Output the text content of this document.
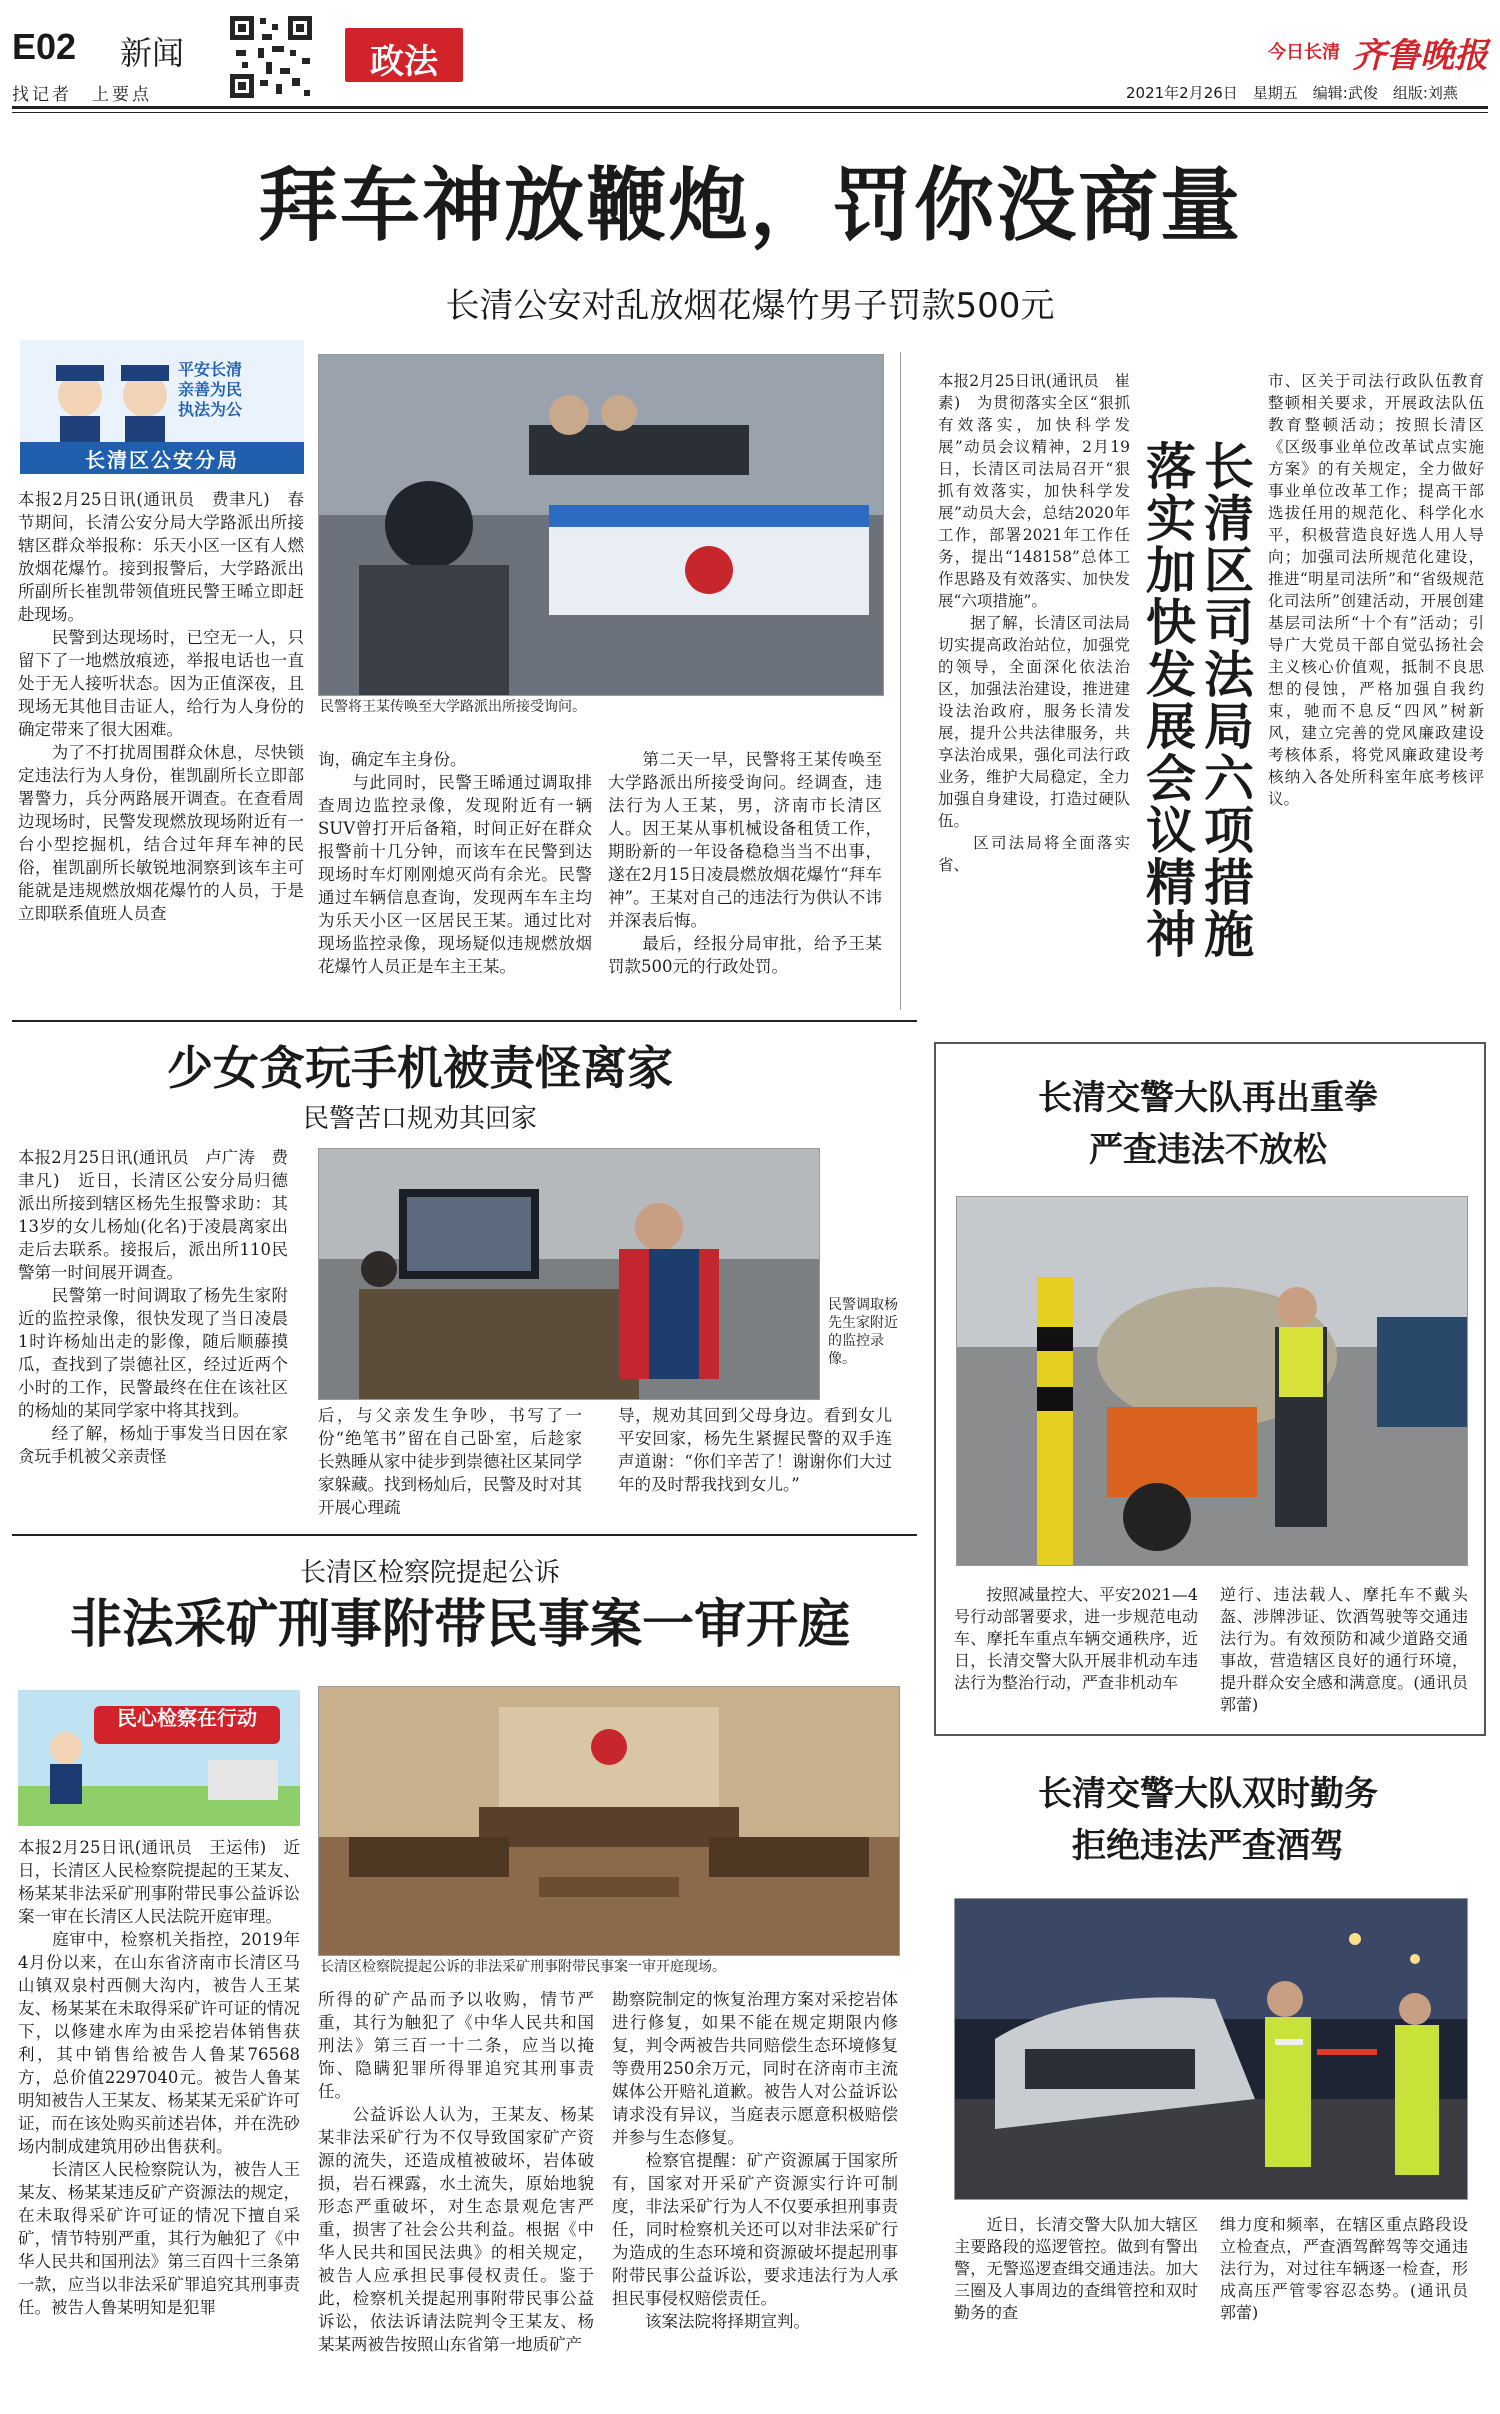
E02 新闻
找记者　上要点
政法	今日长清 齐鲁晚报
2021年2月26日　星期五　编辑:武俊　组版:刘燕
拜车神放鞭炮，罚你没商量
长清公安对乱放烟花爆竹男子罚款500元
平安长清
亲善为民
执法为公
长清区公安分局

本报2月25日讯(通讯员　费聿凡)　春节期间，长清公安分局大学路派出所接辖区群众举报称：乐天小区一区有人燃放烟花爆竹。接到报警后，大学路派出所副所长崔凯带领值班民警王晞立即赶赴现场。
　　民警到达现场时，已空无一人，只留下了一地燃放痕迹，举报电话也一直处于无人接听状态。因为正值深夜，且现场无其他目击证人，给行为人身份的确定带来了很大困难。
　　为了不打扰周围群众休息，尽快锁定违法行为人身份，崔凯副所长立即部署警力，兵分两路展开调查。在查看周边现场时，民警发现燃放现场附近有一台小型挖掘机，结合过年拜车神的民俗，崔凯副所长敏锐地洞察到该车主可能就是违规燃放烟花爆竹的人员，于是立即联系值班人员查

民警将王某传唤至大学路派出所接受询问。

询，确定车主身份。
　　与此同时，民警王晞通过调取排查周边监控录像，发现附近有一辆SUV曾打开后备箱，时间正好在群众报警前十几分钟，而该车在民警到达现场时车灯刚刚熄灭尚有余光。民警通过车辆信息查询，发现两车车主均为乐天小区一区居民王某。通过比对现场监控录像，现场疑似违规燃放烟花爆竹人员正是车主王某。

　　第二天一早，民警将王某传唤至大学路派出所接受询问。经调查，违法行为人王某，男，济南市长清区人。因王某从事机械设备租赁工作，期盼新的一年设备稳稳当当不出事，遂在2月15日凌晨燃放烟花爆竹“拜车神”。王某对自己的违法行为供认不讳并深表后悔。
　　最后，经报分局审批，给予王某罚款500元的行政处罚。

长清区司法局六项措施
落实加快发展会议精神

本报2月25日讯(通讯员　崔素)　为贯彻落实全区“狠抓有效落实，加快科学发展”动员会议精神，2月19日，长清区司法局召开“狠抓有效落实，加快科学发展”动员大会，总结2020年工作，部署2021年工作任务，提出“148158”总体工作思路及有效落实、加快发展“六项措施”。
　　据了解，长清区司法局切实提高政治站位，加强党的领导，全面深化依法治区，加强法治建设，推进建设法治政府，服务长清发展，提升公共法律服务，共享法治成果，强化司法行政业务，维护大局稳定，全力加强自身建设，打造过硬队伍。
　　区司法局将全面落实省、

市、区关于司法行政队伍教育整顿相关要求，开展政法队伍教育整顿活动；按照长清区《区级事业单位改革试点实施方案》的有关规定，全力做好事业单位改革工作；提高干部选拔任用的规范化、科学化水平，积极营造良好选人用人导向；加强司法所规范化建设，推进“明星司法所”和“省级规范化司法所”创建活动，开展创建基层司法所“十个有”活动；引导广大党员干部自觉弘扬社会主义核心价值观，抵制不良思想的侵蚀，严格加强自我约束，驰而不息反“四风”树新风，建立完善的党风廉政建设考核体系，将党风廉政建设考核纳入各处所科室年底考核评议。

少女贪玩手机被责怪离家
民警苦口规劝其回家

本报2月25日讯(通讯员　卢广涛　费聿凡)　近日，长清区公安分局归德派出所接到辖区杨先生报警求助：其13岁的女儿杨灿(化名)于凌晨离家出走后去联系。接报后，派出所110民警第一时间展开调查。
　　民警第一时间调取了杨先生家附近的监控录像，很快发现了当日凌晨1时许杨灿出走的影像，随后顺藤摸瓜，查找到了崇德社区，经过近两个小时的工作，民警最终在住在该社区的杨灿的某同学家中将其找到。
　　经了解，杨灿于事发当日因在家贪玩手机被父亲责怪

民警调取杨先生家附近的监控录像。

后，与父亲发生争吵，书写了一份“绝笔书”留在自己卧室，后趁家长熟睡从家中徒步到崇德社区某同学家躲藏。找到杨灿后，民警及时对其开展心理疏

导，规劝其回到父母身边。看到女儿平安回家，杨先生紧握民警的双手连声道谢：“你们辛苦了！谢谢你们大过年的及时帮我找到女儿。”

长清区检察院提起公诉
非法采矿刑事附带民事案一审开庭
民心检察在行动

本报2月25日讯(通讯员　王运伟)　近日，长清区人民检察院提起的王某友、杨某某非法采矿刑事附带民事公益诉讼案一审在长清区人民法院开庭审理。
　　庭审中，检察机关指控，2019年4月份以来，在山东省济南市长清区马山镇双泉村西侧大沟内，被告人王某友、杨某某在未取得采矿许可证的情况下，以修建水库为由采挖岩体销售获利，其中销售给被告人鲁某76568方，总价值2297040元。被告人鲁某明知被告人王某友、杨某某无采矿许可证，而在该处购买前述岩体，并在洗砂场内制成建筑用砂出售获利。
　　长清区人民检察院认为，被告人王某友、杨某某违反矿产资源法的规定，在未取得采矿许可证的情况下擅自采矿，情节特别严重，其行为触犯了《中华人民共和国刑法》第三百四十三条第一款，应当以非法采矿罪追究其刑事责任。被告人鲁某明知是犯罪

长清区检察院提起公诉的非法采矿刑事附带民事案一审开庭现场。

所得的矿产品而予以收购，情节严重，其行为触犯了《中华人民共和国刑法》第三百一十二条，应当以掩饰、隐瞒犯罪所得罪追究其刑事责任。
　　公益诉讼人认为，王某友、杨某某非法采矿行为不仅导致国家矿产资源的流失，还造成植被破坏，岩体破损，岩石裸露，水土流失，原始地貌形态严重破坏，对生态景观危害严重，损害了社会公共利益。根据《中华人民共和国民法典》的相关规定，被告人应承担民事侵权责任。鉴于此，检察机关提起刑事附带民事公益诉讼，依法诉请法院判令王某友、杨某某两被告按照山东省第一地质矿产

勘察院制定的恢复治理方案对采挖岩体进行修复，如果不能在规定期限内修复，判令两被告共同赔偿生态环境修复等费用250余万元，同时在济南市主流媒体公开赔礼道歉。被告人对公益诉讼请求没有异议，当庭表示愿意积极赔偿并参与生态修复。
　　检察官提醒：矿产资源属于国家所有，国家对开采矿产资源实行许可制度，非法采矿行为人不仅要承担刑事责任，同时检察机关还可以对非法采矿行为造成的生态环境和资源破坏提起刑事附带民事公益诉讼，要求违法行为人承担民事侵权赔偿责任。
　　该案法院将择期宣判。

长清交警大队再出重拳
严查违法不放松

　　按照减量控大、平安2021—4号行动部署要求，进一步规范电动车、摩托车重点车辆交通秩序，近日，长清交警大队开展非机动车违法行为整治行动，严查非机动车

逆行、违法载人、摩托车不戴头盔、涉牌涉证、饮酒驾驶等交通违法行为。有效预防和减少道路交通事故，营造辖区良好的通行环境，提升群众安全感和满意度。(通讯员　郭蕾)

长清交警大队双时勤务
拒绝违法严查酒驾

　　近日，长清交警大队加大辖区主要路段的巡逻管控。做到有警出警，无警巡逻查缉交通违法。加大三圈及人事周边的查缉管控和双时勤务的查

缉力度和频率，在辖区重点路段设立检查点，严查酒驾醉驾等交通违法行为，对过往车辆逐一检查，形成高压严管零容忍态势。(通讯员　郭蕾)
